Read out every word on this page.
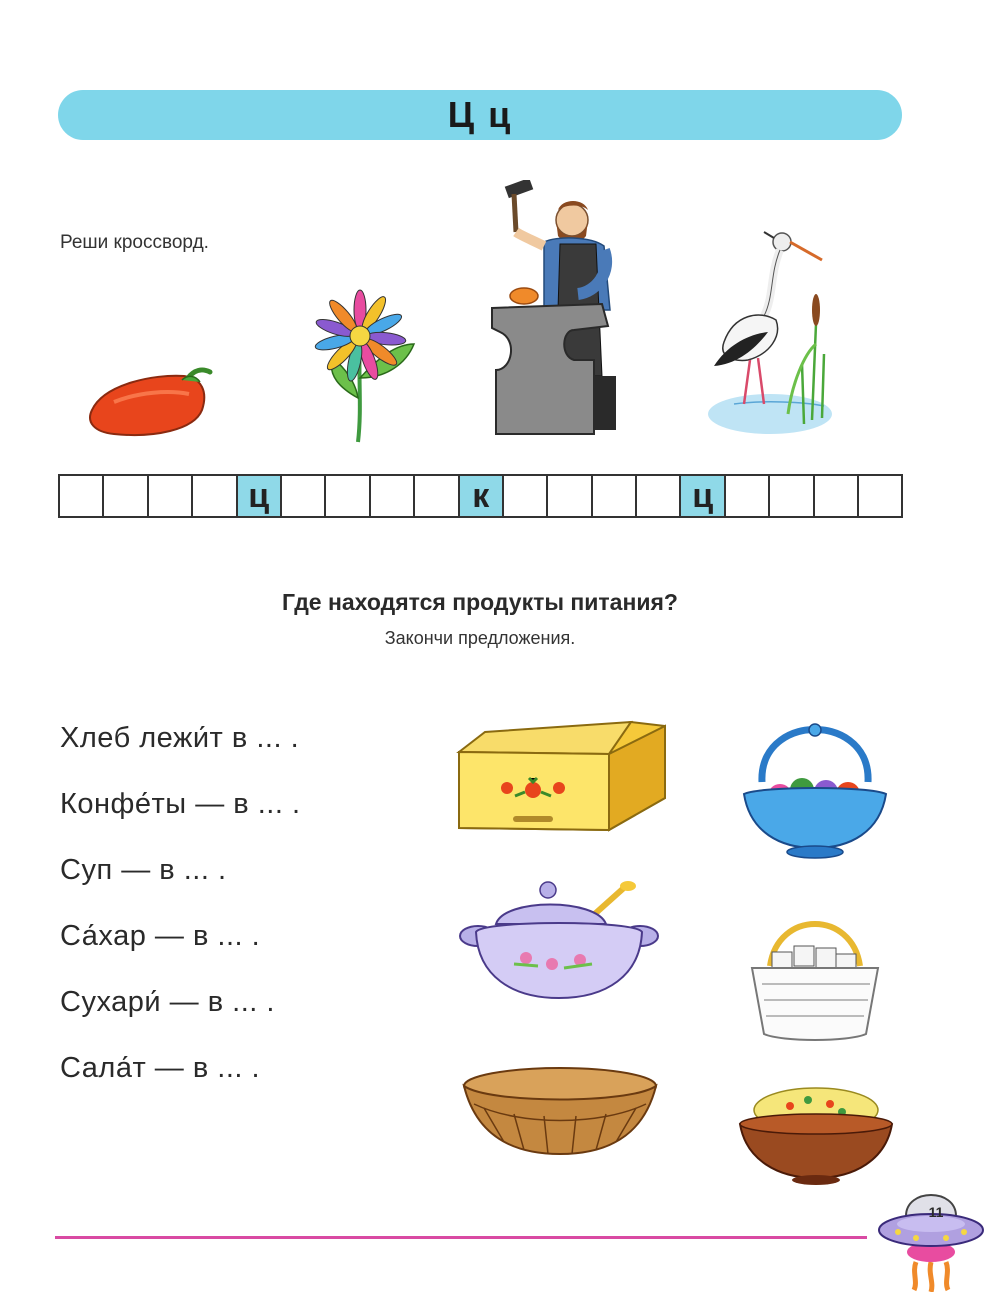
Ц ц
Реши кроссворд.
ц	к	ц
Где находятся продукты питания?
Закончи предложения.
Хлеб лежи́т в ... .
Конфе́ты — в ... .
Суп — в ... .
Са́хар — в ... .
Сухари́ — в ... .
Сала́т — в ... .
11
